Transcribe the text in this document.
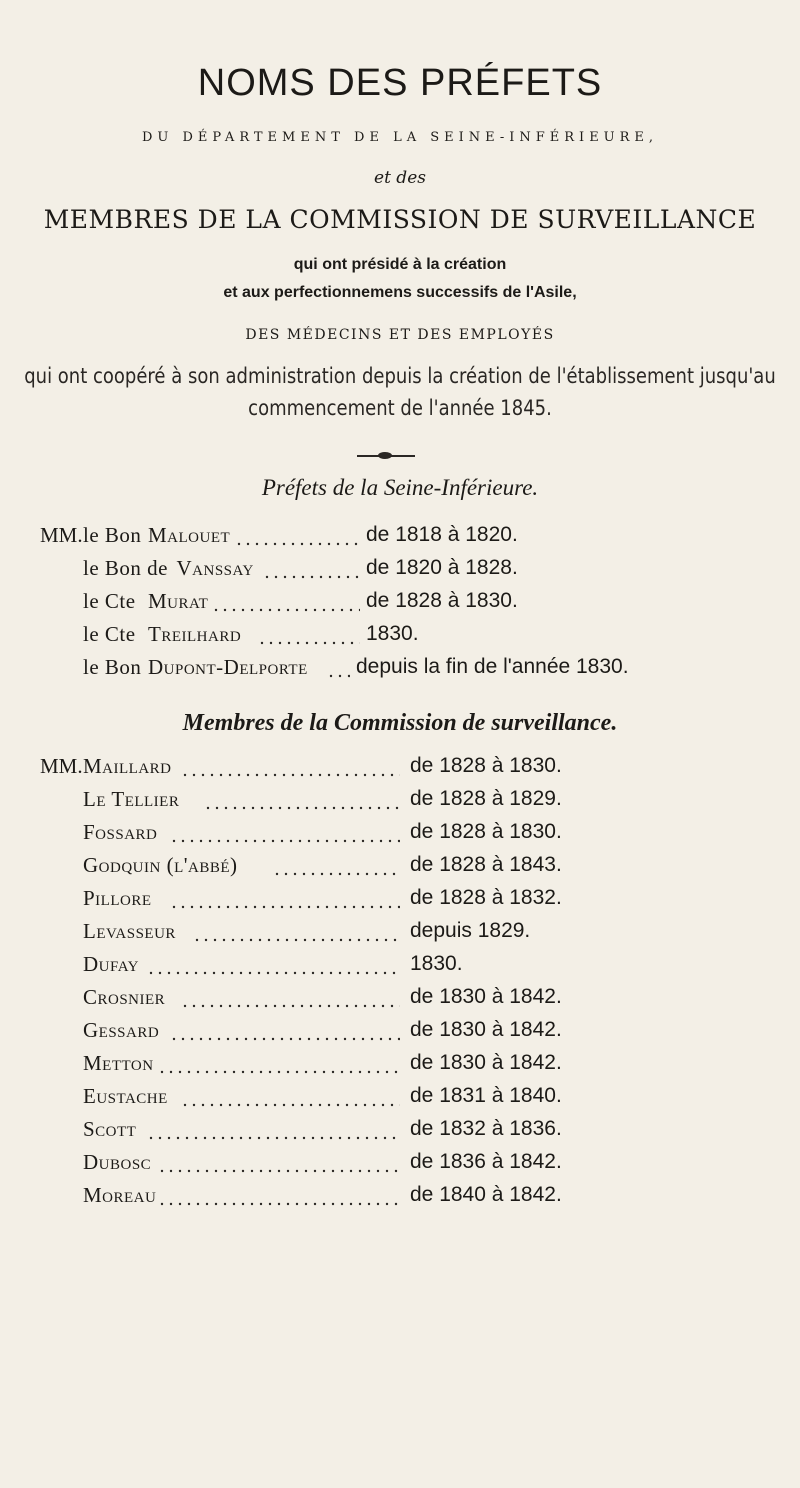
NOMS DES PRÉFETS
DU DÉPARTEMENT DE LA SEINE-INFÉRIEURE,
et des
MEMBRES DE LA COMMISSION DE SURVEILLANCE
qui ont présidé à la création
et aux perfectionnemens successifs de l'Asile,
DES MÉDECINS ET DES EMPLOYÉS
qui ont coopéré à son administration depuis la création de l'établissement jusqu'au
commencement de l'année 1845.
Préfets de la Seine-Inférieure.
MM. le Bon Malouet	de 1818 à 1820.
le Bon de Vanssay	de 1820 à 1828.
le Cte Murat	de 1828 à 1830.
le Cte Treilhard	1830.
le Bon Dupont-Delporte depuis la fin de l'année 1830.
Membres de la Commission de surveillance.
MM. Maillard	de 1828 à 1830.
Le Tellier	de 1828 à 1829.
Fossard	de 1828 à 1830.
Godquin (l'abbé)	de 1828 à 1843.
Pillore	de 1828 à 1832.
Levasseur	depuis 1829.
Dufay	1830.
Crosnier	de 1830 à 1842.
Gessard	de 1830 à 1842.
Metton	de 1830 à 1842.
Eustache	de 1831 à 1840.
Scott	de 1832 à 1836.
Dubosc	de 1836 à 1842.
Moreau	de 1840 à 1842.
